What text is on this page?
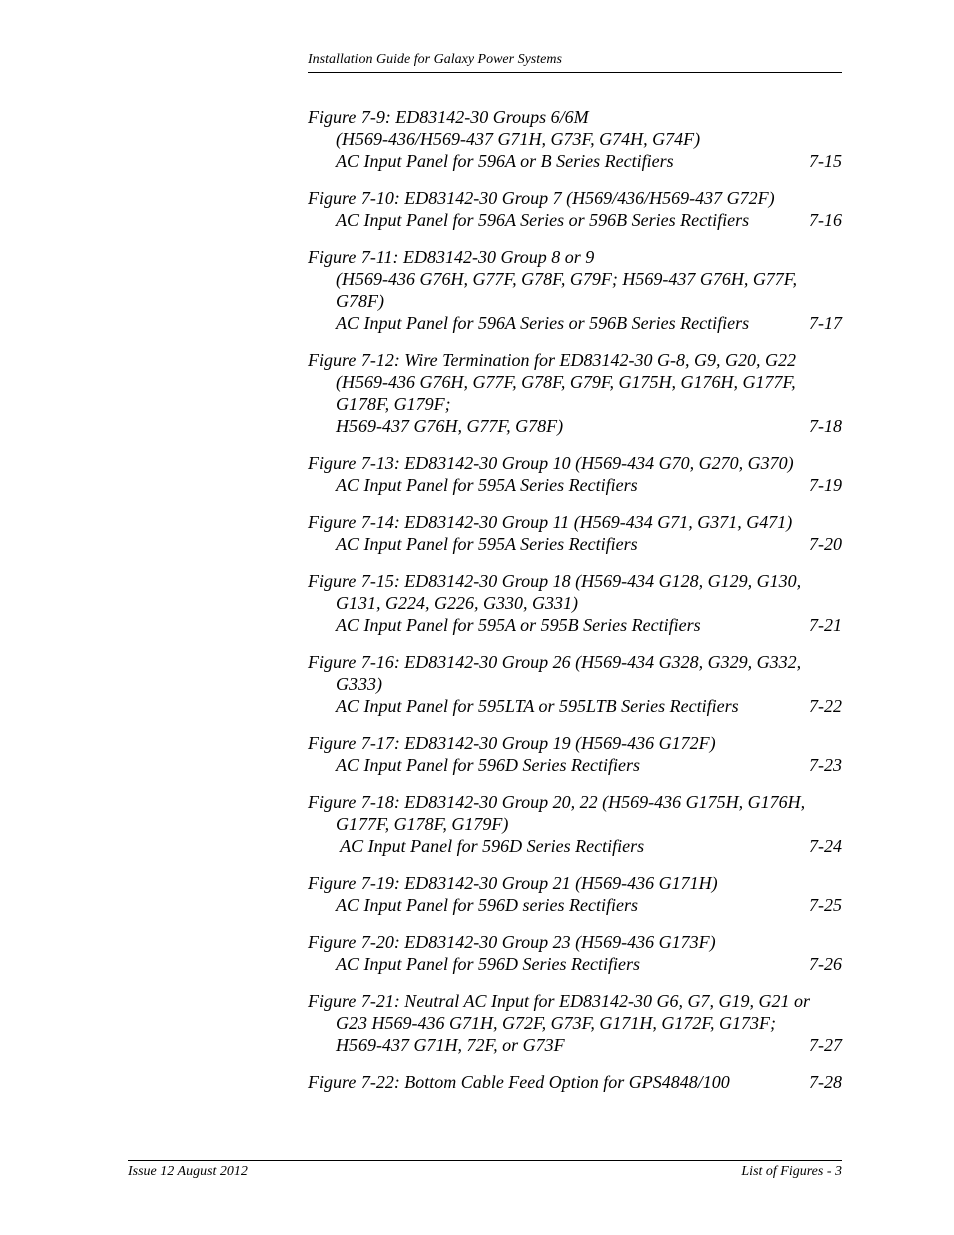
Installation Guide for Galaxy Power Systems
Figure 7-9: ED83142-30 Groups 6/6M
(H569-436/H569-437 G71H, G73F, G74H, G74F)
AC Input Panel for 596A or B Series Rectifiers	7-15
Figure 7-10: ED83142-30 Group 7 (H569/436/H569-437 G72F)
AC Input Panel for 596A Series or 596B Series Rectifiers	7-16
Figure 7-11: ED83142-30 Group 8 or 9
(H569-436 G76H, G77F, G78F, G79F; H569-437 G76H, G77F,
G78F)
AC Input Panel for 596A Series or 596B Series Rectifiers	7-17
Figure 7-12: Wire Termination for ED83142-30 G-8, G9, G20, G22
(H569-436 G76H, G77F, G78F, G79F, G175H, G176H, G177F,
G178F, G179F;
H569-437 G76H, G77F, G78F)	7-18
Figure 7-13: ED83142-30 Group 10 (H569-434 G70, G270, G370)
AC Input Panel for 595A Series Rectifiers	7-19
Figure 7-14: ED83142-30 Group 11 (H569-434 G71, G371, G471)
AC Input Panel for 595A Series Rectifiers	7-20
Figure 7-15: ED83142-30 Group 18 (H569-434 G128, G129, G130,
G131, G224, G226, G330, G331)
AC Input Panel for 595A or 595B Series Rectifiers	7-21
Figure 7-16: ED83142-30 Group 26 (H569-434 G328, G329, G332,
G333)
AC Input Panel for 595LTA or 595LTB Series Rectifiers	7-22
Figure 7-17: ED83142-30 Group 19 (H569-436 G172F)
AC Input Panel for 596D Series Rectifiers	7-23
Figure 7-18: ED83142-30 Group 20, 22 (H569-436 G175H, G176H,
G177F, G178F, G179F)
AC Input Panel for 596D Series Rectifiers	7-24
Figure 7-19: ED83142-30 Group 21 (H569-436 G171H)
AC Input Panel for 596D series Rectifiers	7-25
Figure 7-20: ED83142-30 Group 23 (H569-436 G173F)
AC Input Panel for 596D Series Rectifiers	7-26
Figure 7-21: Neutral AC Input for ED83142-30 G6, G7, G19, G21 or
G23 H569-436 G71H, G72F, G73F, G171H, G172F, G173F;
H569-437 G71H, 72F, or G73F	7-27
Figure 7-22: Bottom Cable Feed Option for GPS4848/100	7-28
Issue 12 August 2012	List of Figures - 3
